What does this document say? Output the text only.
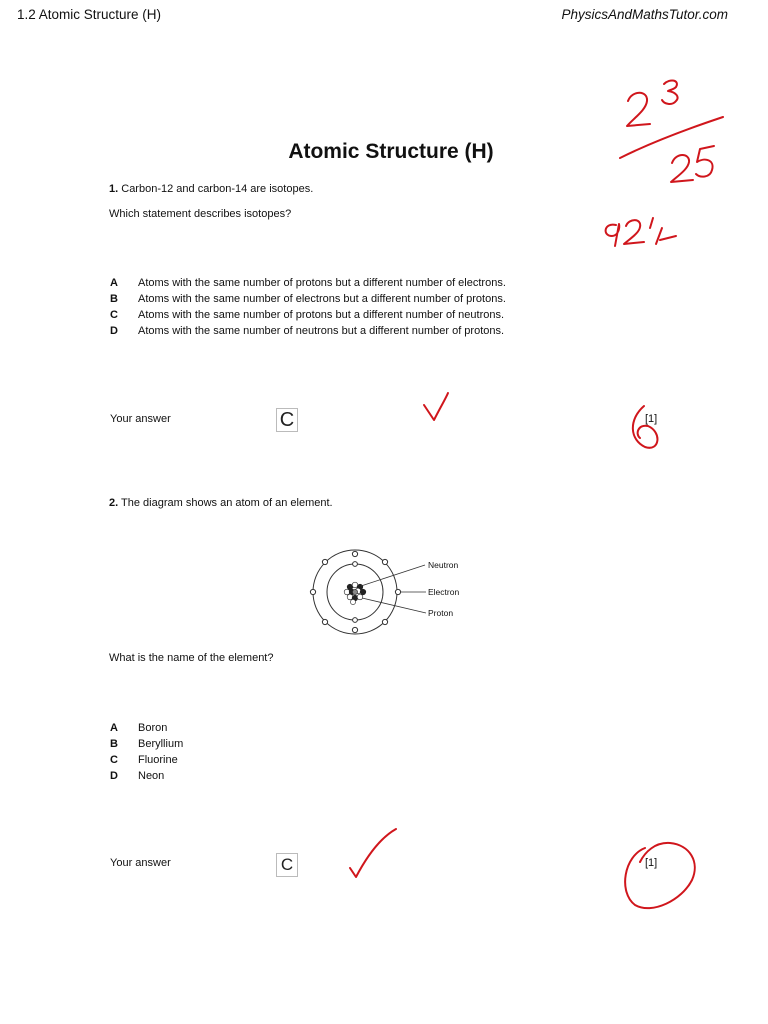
1.2 Atomic Structure (H)	PhysicsAndMathsTutor.com
Atomic Structure (H)
1. Carbon-12 and carbon-14 are isotopes.
Which statement describes isotopes?
A Atoms with the same number of protons but a different number of electrons.
B Atoms with the same number of electrons but a different number of protons.
C Atoms with the same number of protons but a different number of neutrons.
D Atoms with the same number of neutrons but a different number of protons.
Your answer	C	[1]
2. The diagram shows an atom of an element.
Neutron
Electron
Proton
What is the name of the element?
A Boron
B Beryllium
C Fluorine
D Neon
Your answer	C	[1]
